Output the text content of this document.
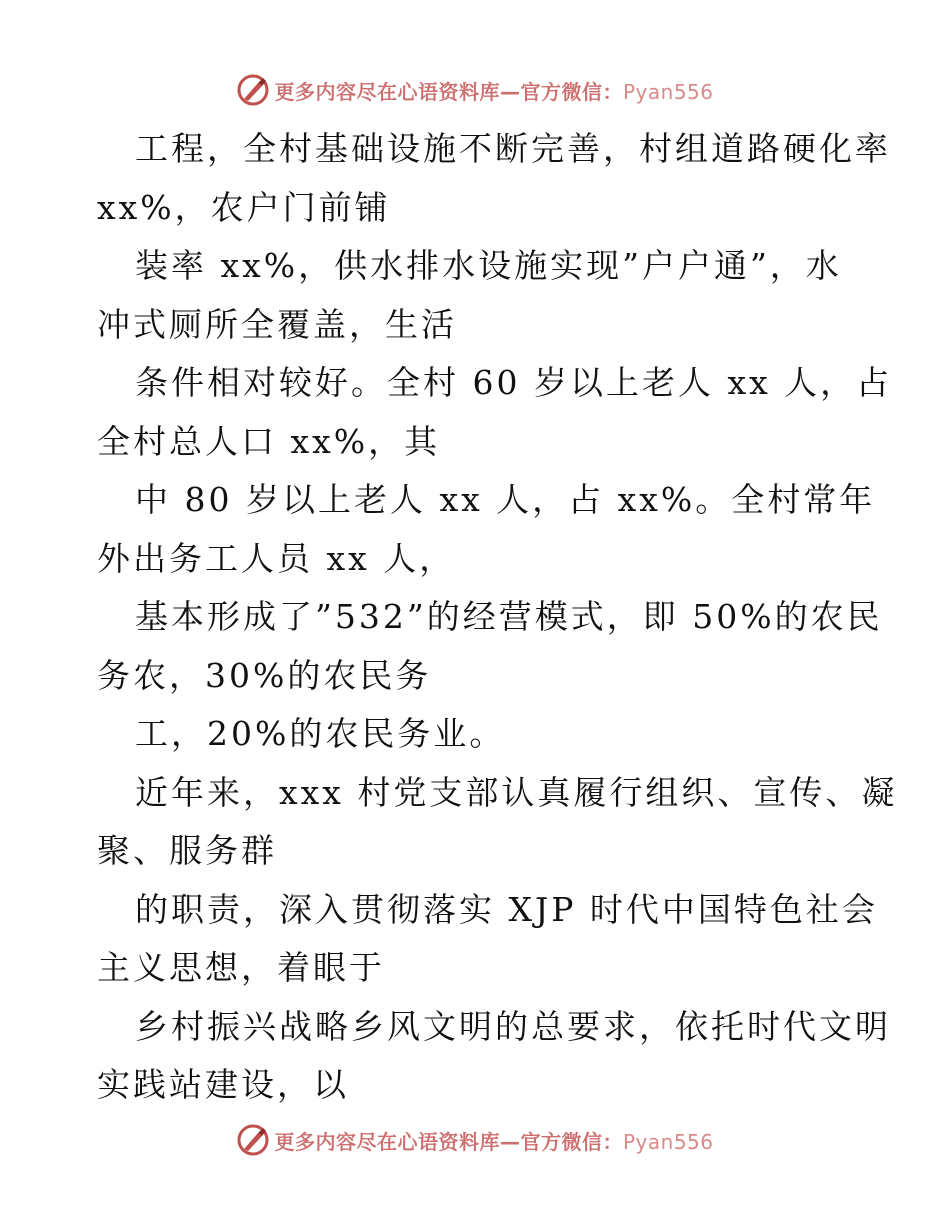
更多内容尽在心语资料库—官方微信：Pyan556
工程，全村基础设施不断完善，村组道路硬化率
xx%，农户门前铺
装率 xx%，供水排水设施实现”户户通”，水
冲式厕所全覆盖，生活
条件相对较好。全村 60 岁以上老人 xx 人，占
全村总人口 xx%，其
中 80 岁以上老人 xx 人，占 xx%。全村常年
外出务工人员 xx 人，
基本形成了”532”的经营模式，即 50%的农民
务农，30%的农民务
工，20%的农民务业。
近年来，xxx 村党支部认真履行组织、宣传、凝
聚、服务群
的职责，深入贯彻落实 XJP 时代中国特色社会
主义思想，着眼于
乡村振兴战略乡风文明的总要求，依托时代文明
实践站建设，以
更多内容尽在心语资料库—官方微信：Pyan556
